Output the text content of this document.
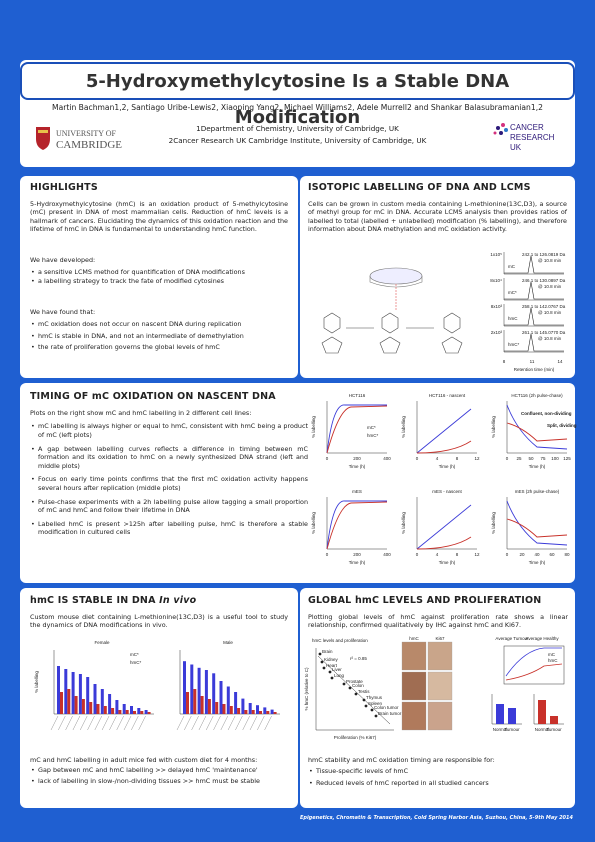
Martin Bachman1,2, Santiago Uribe-Lewis2, Xiaoping Yang2, Michael Williams2, Adele Murrell2 and Shankar Balasubramanian1,2
1Department of Chemistry, University of Cambridge, UK
2Cancer Research UK Cambridge Institute, University of Cambridge, UK
UNIVERSITY OF
CAMBRIDGE
CANCER
RESEARCH
UK
5-Hydroxymethylcytosine Is a Stable DNA Modification
HIGHLIGHTS
5-Hydroxymethylcytosine (hmC) is an oxidation product of 5-methylcytosine (mC) present in DNA of most mammalian cells. Reduction of hmC levels is a hallmark of cancers. Elucidating the dynamics of this oxidation reaction and the lifetime of hmC in DNA is fundamental to understanding hmC function.
We have developed:
• a sensitive LCMS method for quantification of DNA modifications
• a labelling strategy to track the fate of modified cytosines
We have found that:
• mC oxidation does not occur on nascent DNA during replication
• hmC is stable in DNA, and not an intermediate of demethylation
• the rate of proliferation governs the global levels of hmC
ISOTOPIC LABELLING OF DNA AND LCMS
Cells can be grown in custom media containing L-methionine(13C,D3), a source of methyl group for mC in DNA. Accurate LCMS analysis then provides ratios of labelled to total (labelled + unlabelled) modification (% labelling), and therefore information about DNA methylation and mC oxidation activity.
1x10⁵	242.1 to 126.0819 Da
@ 10.8 min
mC
8x10⁴	246.1 to 130.0897 Da
@ 10.8 min
mC*
8x10³	258.1 to 142.0767 Da
@ 10.8 min
hmC
2x10³	261.1 to 145.0770 Da
@ 10.8 min
hmC*
8	11	14
Retention time (min)
TIMING OF mC OXIDATION ON NASCENT DNA
Plots on the right show mC and hmC labelling in 2 different cell lines:
• mC labelling is always higher or equal to hmC, consistent with hmC being a product of mC (left plots)
• A gap between labelling curves reflects a difference in timing between mC formation and its oxidation to hmC on a newly synthesized DNA strand (left and middle plots)
• Focus on early time points confirms that the first mC oxidation activity happens several hours after replication (middle plots)
• Pulse-chase experiments with a 2h labelling pulse allow tagging a small proportion of mC and hmC and follow their lifetime in DNA
• Labelled hmC is present >125h after labelling pulse, hmC is therefore a stable modification in cultured cells
HCT116
0	200	400
Time (h)
% labelling	mC*
hmC*
HCT116 - nascent
0	4	8	12
Time (h)
% labelling
HCT116 (2h pulse-chase)
0 25 50 75 100 125
Time (h)
% labelling
Confluent, non-dividing
Split, dividing
mES
0	200	400
Time (h)
% labelling
mES - nascent
0	4	8	12
Time (h)
% labelling
mES (2h pulse-chase)
0 20 40 60 80
Time (h)
% labelling
hmC IS STABLE IN DNA In vivo
Custom mouse diet containing L-methionine(13C,D3) is a useful tool to study the dynamics of DNA modifications in vivo.
Female	Male
% labelling
mC*
hmC*
mC and hmC labelling in adult mice fed with custom diet for 4 months:
• Gap between mC and hmC labelling >> delayed hmC 'maintenance'
• lack of labelling in slow-/non-dividing tissues >> hmC must be stable
GLOBAL hmC LEVELS AND PROLIFERATION
Plotting global levels of hmC against proliferation rate shows a linear relationship, confirmed qualitatively by IHC against hmC and Ki67.
hmC levels and proliferation
Brain
Kidney
Heart
Liver
Lung
Prostate
Colon
Testis
Thymus
Spleen
Colon tumor
Brain tumor
r² = 0.85
Proliferation (% Ki67)
% hmC (relative to C)
hmC	Ki67	Average Tumour
Average Healthy
mC
hmC
Normal
Tumour	Normal
Tumour
hmC stability and mC oxidation timing are responsible for:
• Tissue-specific levels of hmC
• Reduced levels of hmC reported in all studied cancers
Epigenetics, Chromatin & Transcription, Cold Spring Harbor Asia, Suzhou, China, 5-9th May 2014
